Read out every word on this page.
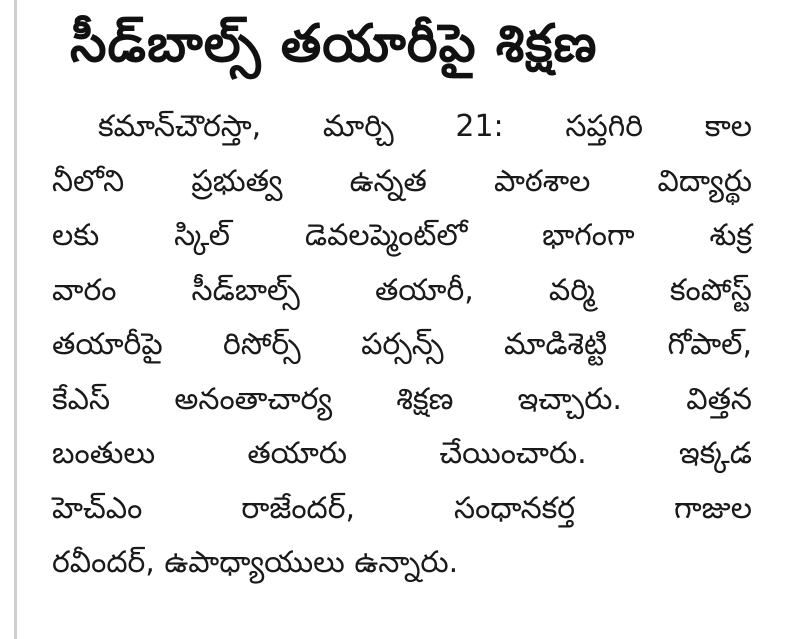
సీడ్‌బాల్స్ తయారీపై శిక్షణ
కమాన్‌చౌరస్తా, మార్చి 21: సప్తగిరి కాల
నీలోని ప్రభుత్వ ఉన్నత పాఠశాల విద్యార్థు
లకు స్కిల్ డెవలప్మెంట్‌లో భాగంగా శుక్ర
వారం సీడ్‌బాల్స్ తయారీ, వర్మి కంపోస్ట్
తయారీపై రిసోర్స్ పర్సన్స్ మాడిశెట్టి గోపాల్,
కేఎస్ అనంతాచార్య శిక్షణ ఇచ్చారు. విత్తన
బంతులు తయారు చేయించారు. ఇక్కడ
హెచ్ఎం రాజేందర్, సంధానకర్త గాజుల
రవీందర్, ఉపాధ్యాయులు ఉన్నారు.
